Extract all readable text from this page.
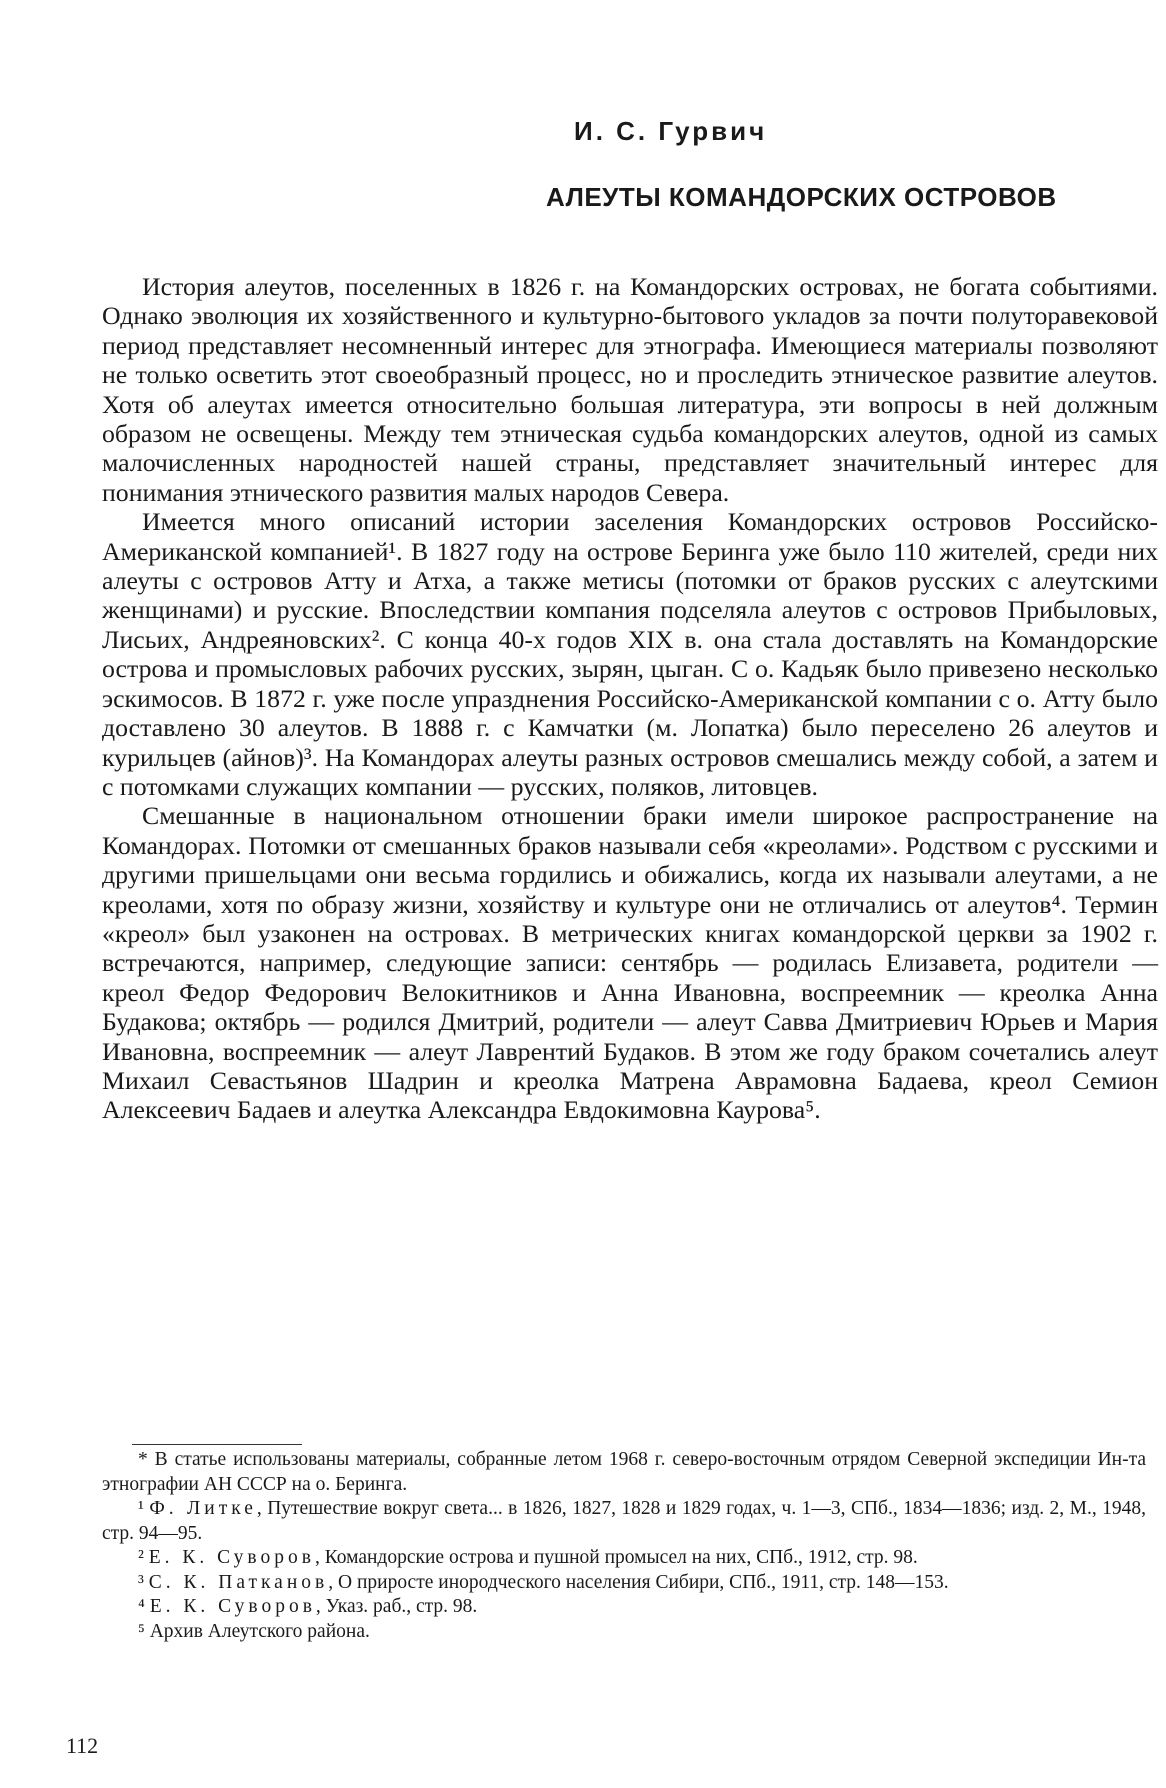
И. С. Гурвич
АЛЕУТЫ КОМАНДОРСКИХ ОСТРОВОВ

История алеутов, поселенных в 1826 г. на Командорских островах, не богата событиями. Однако эволюция их хозяйственного и культурно-бытового укладов за почти полуторавековой период представляет несомненный интерес для этнографа. Имеющиеся материалы позволяют не только осветить этот своеобразный процесс, но и проследить этническое развитие алеутов. Хотя об алеутах имеется относительно большая литература, эти вопросы в ней должным образом не освещены. Между тем этническая судьба командорских алеутов, одной из самых малочисленных народностей нашей страны, представляет значительный интерес для понимания этнического развития малых народов Севера.

Имеется много описаний истории заселения Командорских островов Российско-Американской компанией¹. В 1827 году на острове Беринга уже было 110 жителей, среди них алеуты с островов Атту и Атха, а также метисы (потомки от браков русских с алеутскими женщинами) и русские. Впоследствии компания подселяла алеутов с островов Прибыловых, Лисьих, Андреяновских². С конца 40-х годов XIX в. она стала доставлять на Командорские острова и промысловых рабочих русских, зырян, цыган. С о. Кадьяк было привезено несколько эскимосов. В 1872 г. уже после упразднения Российско-Американской компании с о. Атту было доставлено 30 алеутов. В 1888 г. с Камчатки (м. Лопатка) было переселено 26 алеутов и курильцев (айнов)³. На Командорах алеуты разных островов смешались между собой, а затем и с потомками служащих компании — русских, поляков, литовцев.

Смешанные в национальном отношении браки имели широкое распространение на Командорах. Потомки от смешанных браков называли себя «креолами». Родством с русскими и другими пришельцами они весьма гордились и обижались, когда их называли алеутами, а не креолами, хотя по образу жизни, хозяйству и культуре они не отличались от алеутов⁴. Термин «креол» был узаконен на островах. В метрических книгах командорской церкви за 1902 г. встречаются, например, следующие записи: сентябрь — родилась Елизавета, родители — креол Федор Федорович Велокитников и Анна Ивановна, воспреемник — креолка Анна Будакова; октябрь — родился Дмитрий, родители — алеут Савва Дмитриевич Юрьев и Мария Ивановна, воспреемник — алеут Лаврентий Будаков. В этом же году браком сочетались алеут Михаил Севастьянов Шадрин и креолка Матрена Аврамовна Бадаева, креол Семион Алексеевич Бадаев и алеутка Александра Евдокимовна Каурова⁵.

* В статье использованы материалы, собранные летом 1968 г. северо-восточным отрядом Северной экспедиции Ин-та этнографии АН СССР на о. Беринга.

¹ Ф. Литке, Путешествие вокруг света... в 1826, 1827, 1828 и 1829 годах, ч. 1—3, СПб., 1834—1836; изд. 2, М., 1948, стр. 94—95.

² Е. К. Суворов, Командорские острова и пушной промысел на них, СПб., 1912, стр. 98.

³ С. К. Патканов, О приросте инородческого населения Сибири, СПб., 1911, стр. 148—153.

⁴ Е. К. Суворов, Указ. раб., стр. 98.

⁵ Архив Алеутского района.

112
